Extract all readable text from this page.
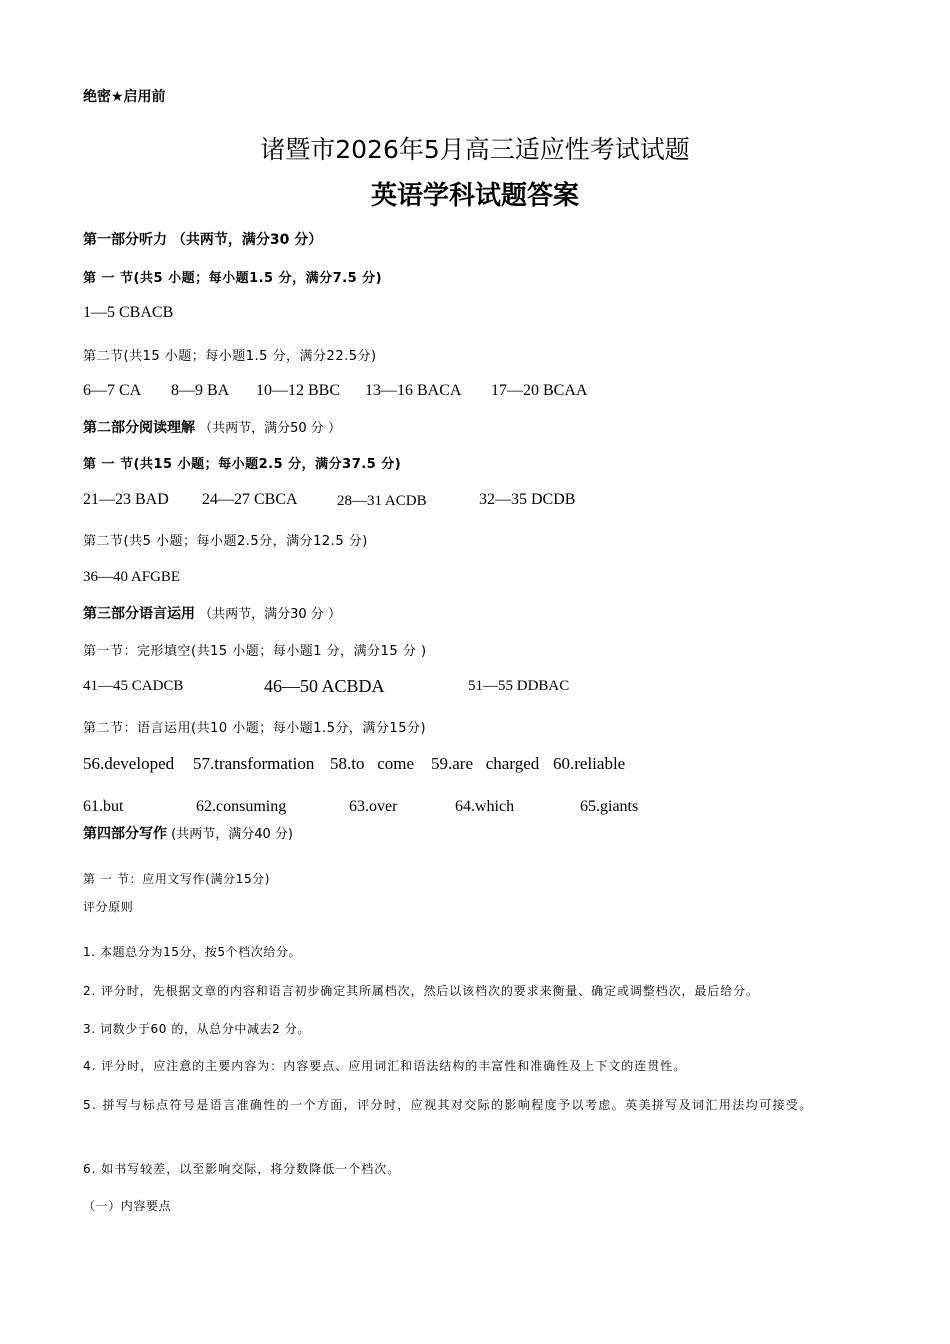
绝密★启用前
诸暨市2026年5月高三适应性考试试题
英语学科试题答案
第一部分听力 （共两节，满分30 分）
第 一 节(共5 小题；每小题1.5 分，满分7.5 分)
1—5 CBACB
第二节(共15 小题；每小题1.5 分，满分22.5分)
6—7 CA 8—9 BA 10—12 BBC 13—16 BACA 17—20 BCAA
第二部分阅读理解 （共两节，满分50 分 ）
第 一 节(共15 小题；每小题2.5 分，满分37.5 分)
21—23 BAD 24—27 CBCA	28—31 ACDB	32—35 DCDB
第二节(共5 小题；每小题2.5分，满分12.5 分)
36—40 AFGBE
第三部分语言运用 （共两节，满分30 分 ）
第一节：完形填空(共15 小题；每小题1 分，满分15 分 )
41—45 CADCB	46—50 ACBDA	51—55 DDBAC
第二节：语言运用(共10 小题；每小题1.5分，满分15分)
56.developed 57.transformation 58.to   come 59.are   charged 60.reliable
61.but	62.consuming	63.over	64.which	65.giants
第四部分写作 (共两节，满分40 分)
第 一 节：应用文写作(满分15分)
评分原则
1. 本题总分为15分，按5个档次给分。
2. 评分时，先根据文章的内容和语言初步确定其所属档次，然后以该档次的要求来衡量、确定或调整档次，最后给分。
3. 词数少于60 的，从总分中减去2 分。
4. 评分时，应注意的主要内容为：内容要点、应用词汇和语法结构的丰富性和准确性及上下文的连贯性。
5. 拼写与标点符号是语言准确性的一个方面，评分时，应视其对交际的影响程度予以考虑。英美拼写及词汇用法均可接受。
6. 如书写较差，以至影响交际，将分数降低一个档次。
（一）内容要点
